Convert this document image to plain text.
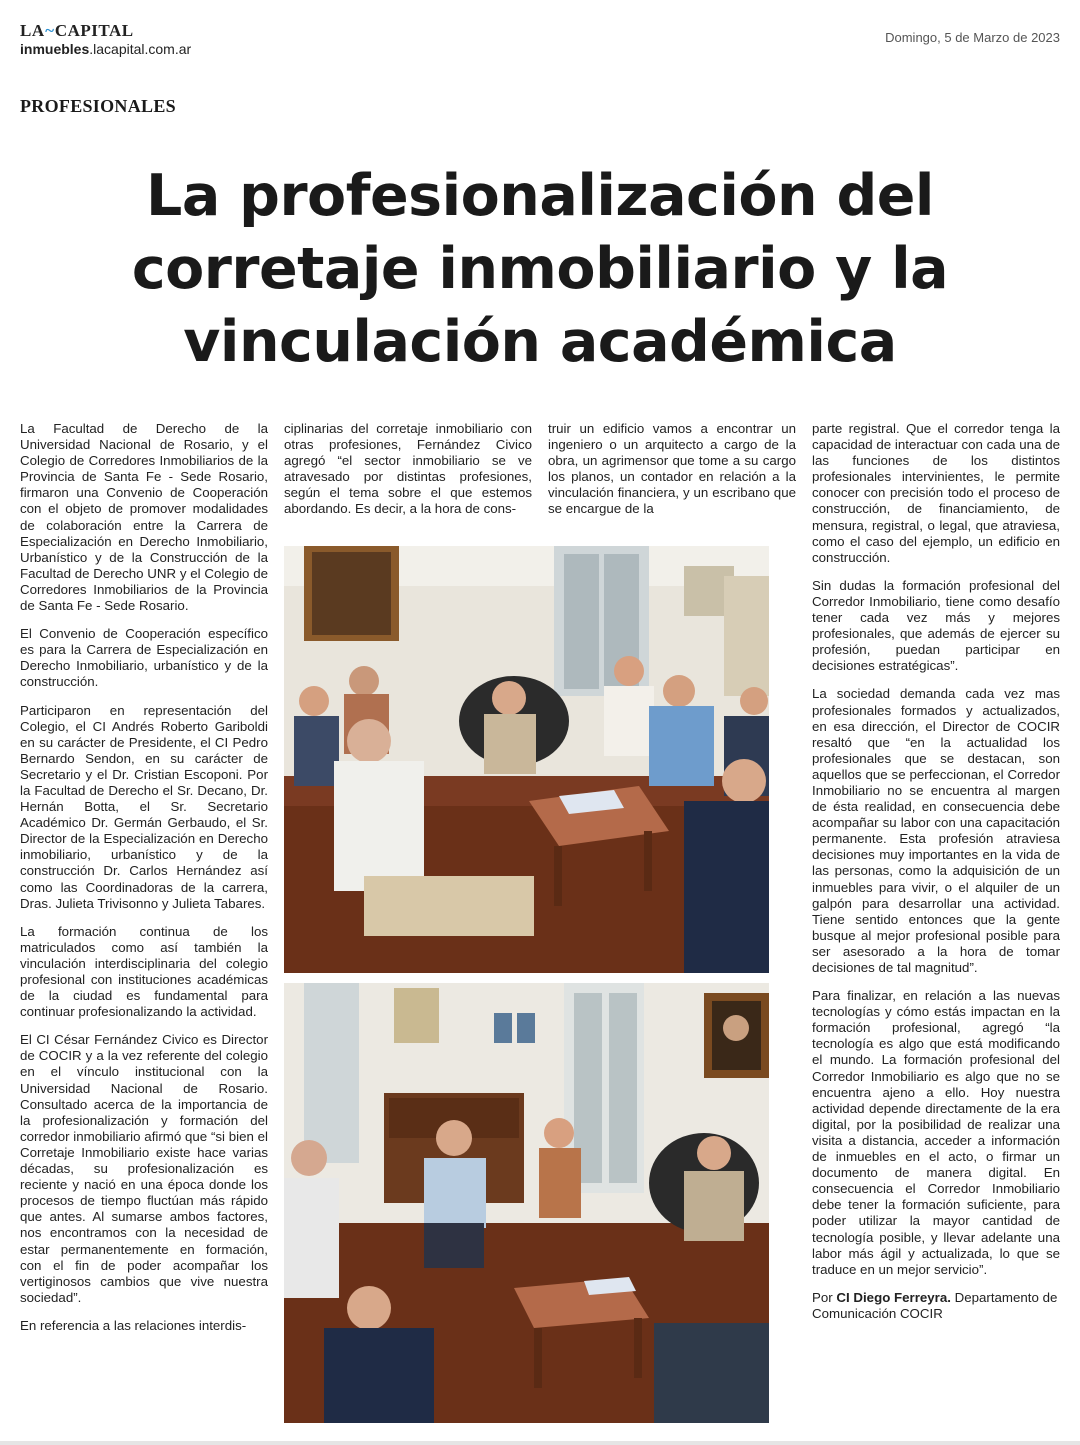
LA~CAPITAL
inmuebles.lacapital.com.ar
Domingo, 5 de Marzo de 2023
PROFESIONALES
La profesionalización del corretaje inmobiliario y la vinculación académica

La Facultad de Derecho de la Universidad Nacional de Rosario, y el Colegio de Corredores Inmobiliarios de la Provincia de Santa Fe - Sede Rosario, firmaron una Convenio de Cooperación con el objeto de promover modalidades de colaboración entre la Carrera de Especialización en Derecho Inmobiliario, Urbanístico y de la Construcción de la Facultad de Derecho UNR y el Colegio de Corredores Inmobiliarios de la Provincia de Santa Fe - Sede Rosario.

El Convenio de Cooperación específico es para la Carrera de Especialización en Derecho Inmobiliario, urbanístico y de la construcción.

Participaron en representación del Colegio, el CI Andrés Roberto Gariboldi en su carácter de Presidente, el CI Pedro Bernardo Sendon, en su carácter de Secretario y el Dr. Cristian Escoponi. Por la Facultad de Derecho el Sr. Decano, Dr. Hernán Botta, el Sr. Secretario Académico Dr. Germán Gerbaudo, el Sr. Director de la Especialización en Derecho inmobiliario, urbanístico y de la construcción Dr. Carlos Hernández así como las Coordinadoras de la carrera, Dras. Julieta Trivisonno y Julieta Tabares.

La formación continua de los matriculados como así también la vinculación interdisciplinaria del colegio profesional con instituciones académicas de la ciudad es fundamental para continuar profesionalizando la actividad.

El CI César Fernández Civico es Director de COCIR y a la vez referente del colegio en el vínculo institucional con la Universidad Nacional de Rosario. Consultado acerca de la importancia de la profesionalización y formación del corredor inmobiliario afirmó que “si bien el Corretaje Inmobiliario existe hace varias décadas, su profesionalización es reciente y nació en una época donde los procesos de tiempo fluctúan más rápido que antes. Al sumarse ambos factores, nos encontramos con la necesidad de estar permanentemente en formación, con el fin de poder acompañar los vertiginosos cambios que vive nuestra sociedad”.

En referencia a las relaciones interdis-

ciplinarias del corretaje inmobiliario con otras profesiones, Fernández Civico agregó “el sector inmobiliario se ve atravesado por distintas profesiones, según el tema sobre el que estemos abordando. Es decir, a la hora de cons-

truir un edificio vamos a encontrar un ingeniero o un arquitecto a cargo de la obra, un agrimensor que tome a su cargo los planos, un contador en relación a la vinculación financiera, y un escribano que se encargue de la

parte registral. Que el corredor tenga la capacidad de interactuar con cada una de las funciones de los distintos profesionales intervinientes, le permite conocer con precisión todo el proceso de construcción, de financiamiento, de mensura, registral, o legal, que atraviesa, como el caso del ejemplo, un edificio en construcción.

Sin dudas la formación profesional del Corredor Inmobiliario, tiene como desafío tener cada vez más y mejores profesionales, que además de ejercer su profesión, puedan participar en decisiones estratégicas”.

La sociedad demanda cada vez mas profesionales formados y actualizados, en esa dirección, el Director de COCIR resaltó que “en la actualidad los profesionales que se destacan, son aquellos que se perfeccionan, el Corredor Inmobiliario no se encuentra al margen de ésta realidad, en consecuencia debe acompañar su labor con una capacitación permanente. Esta profesión atraviesa decisiones muy importantes en la vida de las personas, como la adquisición de un inmuebles para vivir, o el alquiler de un galpón para desarrollar una actividad. Tiene sentido entonces que la gente busque al mejor profesional posible para ser asesorado a la hora de tomar decisiones de tal magnitud”.

Para finalizar, en relación a las nuevas tecnologías y cómo estás impactan en la formación profesional, agregó “la tecnología es algo que está modificando el mundo. La formación profesional del Corredor Inmobiliario es algo que no se encuentra ajeno a ello. Hoy nuestra actividad depende directamente de la era digital, por la posibilidad de realizar una visita a distancia, acceder a información de inmuebles en el acto, o firmar un documento de manera digital. En consecuencia el Corredor Inmobiliario debe tener la formación suficiente, para poder utilizar la mayor cantidad de tecnología posible, y llevar adelante una labor más ágil y actualizada, lo que se traduce en un mejor servicio”.

Por CI Diego Ferreyra. Departamento de Comunicación COCIR
